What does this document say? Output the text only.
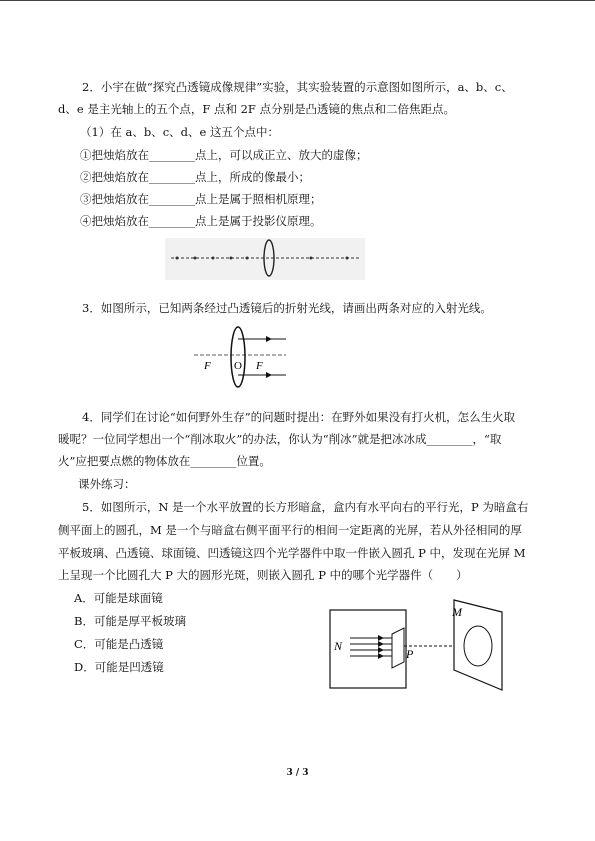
2．小宇在做“探究凸透镜成像规律”实验，其实验装置的示意图如图所示，a、b、c、
d、e 是主光轴上的五个点，F 点和 2F 点分别是凸透镜的焦点和二倍焦距点。
（1）在 a、b、c、d、e 这五个点中：
①把烛焰放在________点上，可以成正立、放大的虚像；
②把烛焰放在________点上，所成的像最小；
③把烛焰放在________点上是属于照相机原理；
④把烛焰放在________点上是属于投影仪原理。
3．如图所示，已知两条经过凸透镜后的折射光线，请画出两条对应的入射光线。
F O F
4．同学们在讨论“如何野外生存”的问题时提出：在野外如果没有打火机，怎么生火取
暖呢？一位同学想出一个“削冰取火”的办法，你认为“削冰”就是把冰冰成________，“取
火”应把要点燃的物体放在________位置。
课外练习：
5．如图所示，N 是一个水平放置的长方形暗盒，盒内有水平向右的平行光，P 为暗盒右
侧平面上的圆孔，M 是一个与暗盒右侧平面平行的相间一定距离的光屏，若从外径相同的厚
平板玻璃、凸透镜、球面镜、凹透镜这四个光学器件中取一件嵌入圆孔 P 中，发现在光屏 M
上呈现一个比圆孔大 P 大的圆形光斑，则嵌入圆孔 P 中的哪个光学器件（　　）
A．可能是球面镜
B．可能是厚平板玻璃
C．可能是凸透镜
D．可能是凹透镜
N
P
M
3 / 3
